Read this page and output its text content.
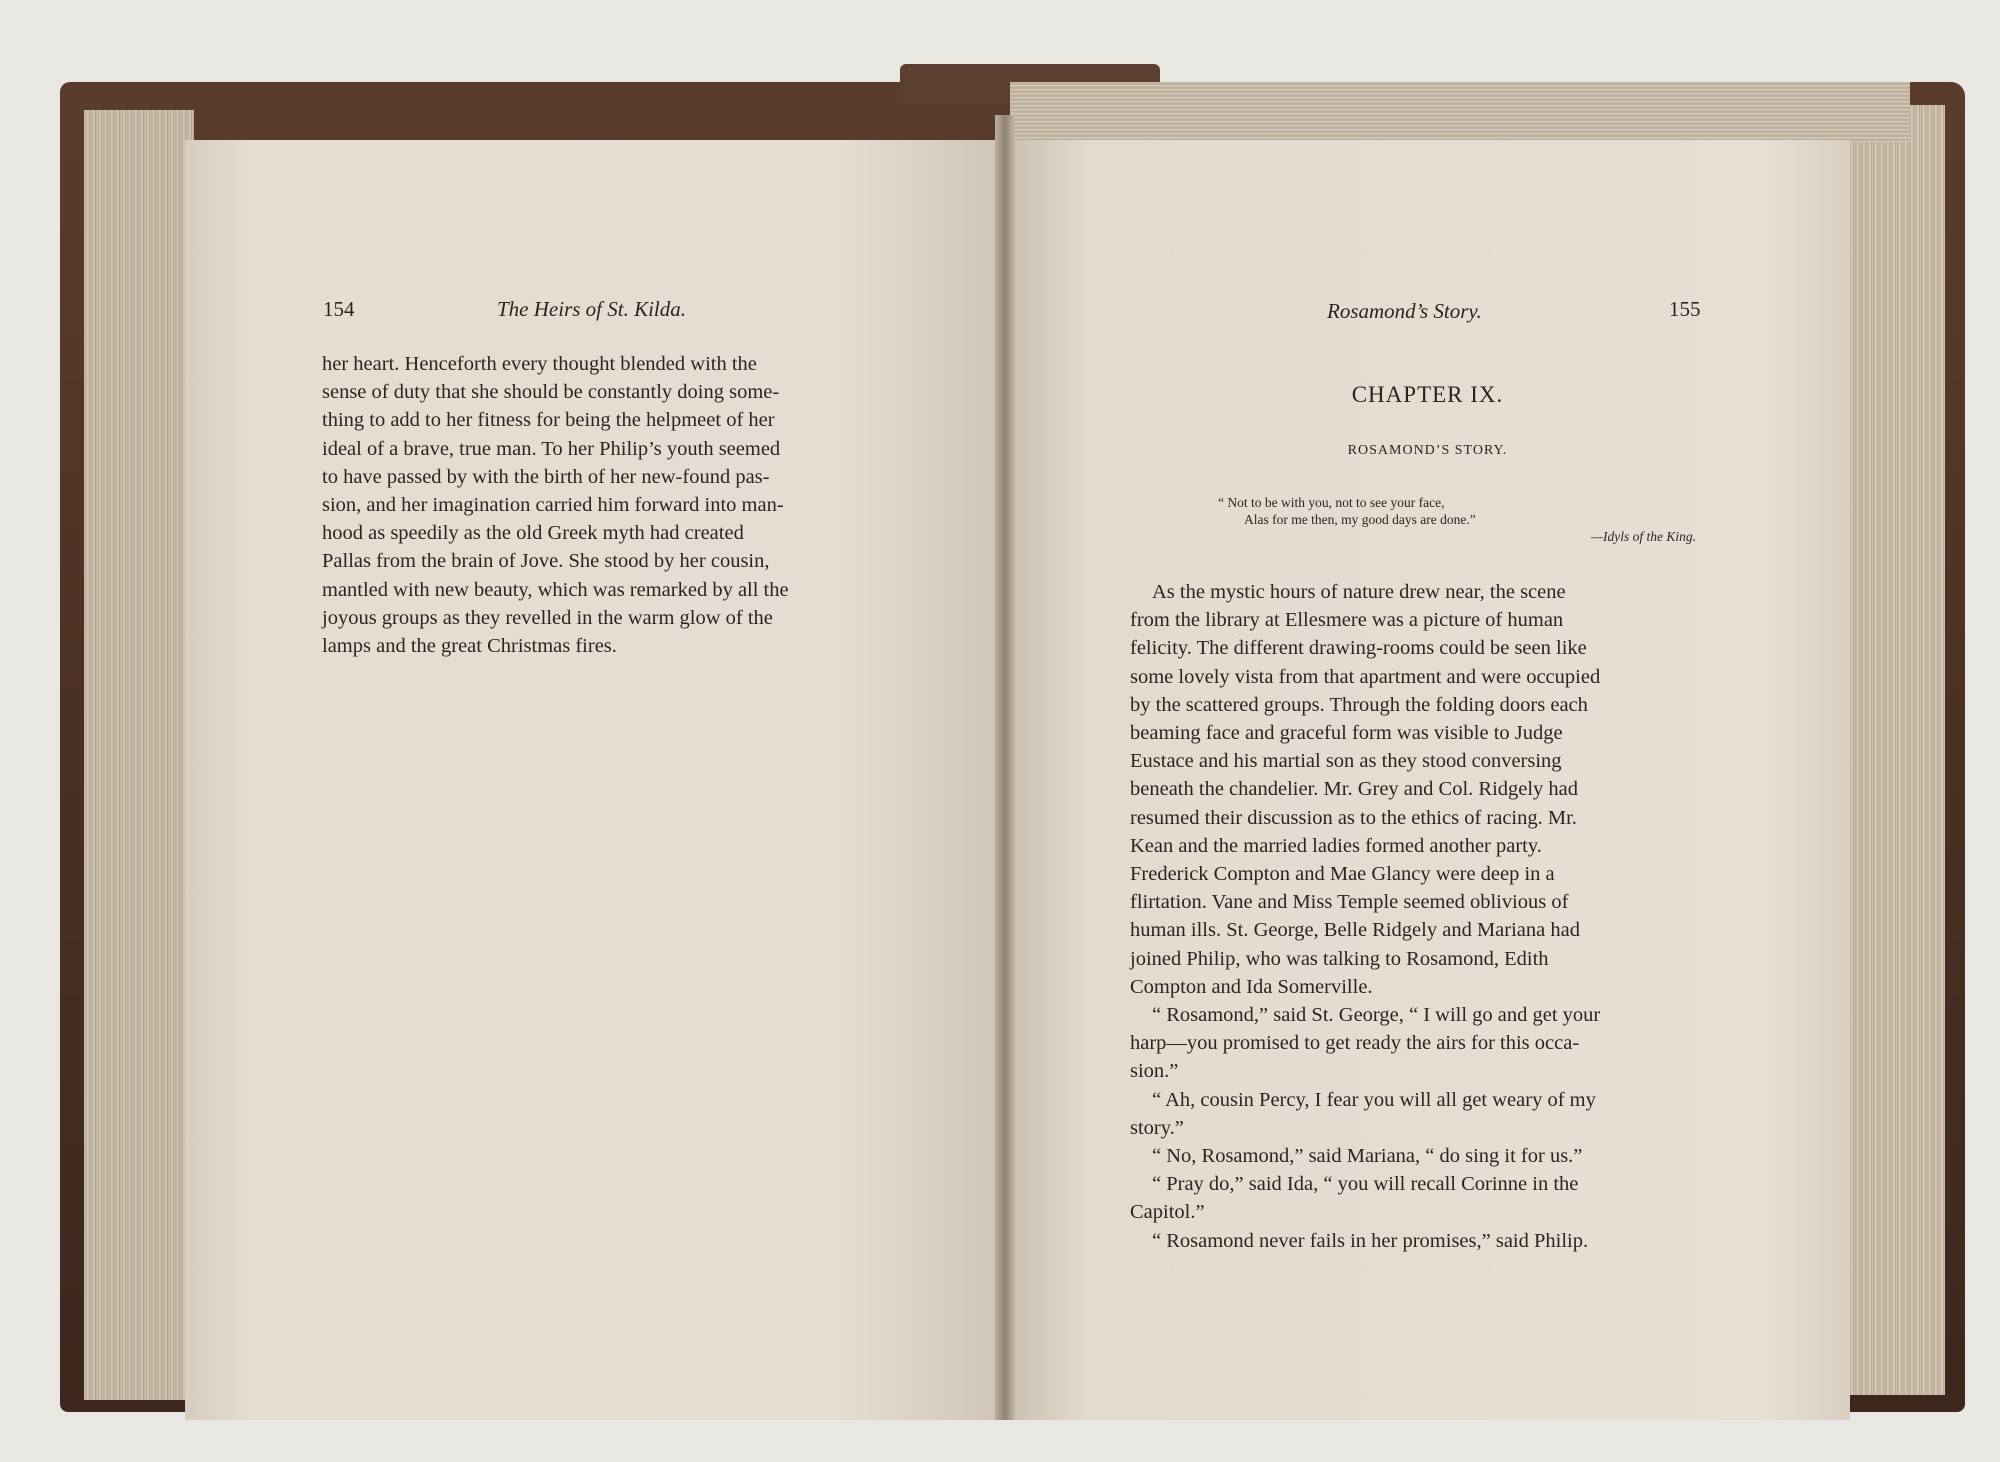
154	The Heirs of St. Kilda.
her heart. Henceforth every thought blended with the
sense of duty that she should be constantly doing some-
thing to add to her fitness for being the helpmeet of her
ideal of a brave, true man. To her Philip’s youth seemed
to have passed by with the birth of her new-found pas-
sion, and her imagination carried him forward into man-
hood as speedily as the old Greek myth had created
Pallas from the brain of Jove. She stood by her cousin,
mantled with new beauty, which was remarked by all the
joyous groups as they revelled in the warm glow of the
lamps and the great Christmas fires.
Rosamond’s Story.	155
CHAPTER IX.
ROSAMOND’S STORY.
“ Not to be with you, not to see your face,
Alas for me then, my good days are done.”
—Idyls of the King.
As the mystic hours of nature drew near, the scene
from the library at Ellesmere was a picture of human
felicity. The different drawing-rooms could be seen like
some lovely vista from that apartment and were occupied
by the scattered groups. Through the folding doors each
beaming face and graceful form was visible to Judge
Eustace and his martial son as they stood conversing
beneath the chandelier. Mr. Grey and Col. Ridgely had
resumed their discussion as to the ethics of racing. Mr.
Kean and the married ladies formed another party.
Frederick Compton and Mae Glancy were deep in a
flirtation. Vane and Miss Temple seemed oblivious of
human ills. St. George, Belle Ridgely and Mariana had
joined Philip, who was talking to Rosamond, Edith
Compton and Ida Somerville.
“ Rosamond,” said St. George, “ I will go and get your
harp—you promised to get ready the airs for this occa-
sion.”
“ Ah, cousin Percy, I fear you will all get weary of my
story.”
“ No, Rosamond,” said Mariana, “ do sing it for us.”
“ Pray do,” said Ida, “ you will recall Corinne in the
Capitol.”
“ Rosamond never fails in her promises,” said Philip.
